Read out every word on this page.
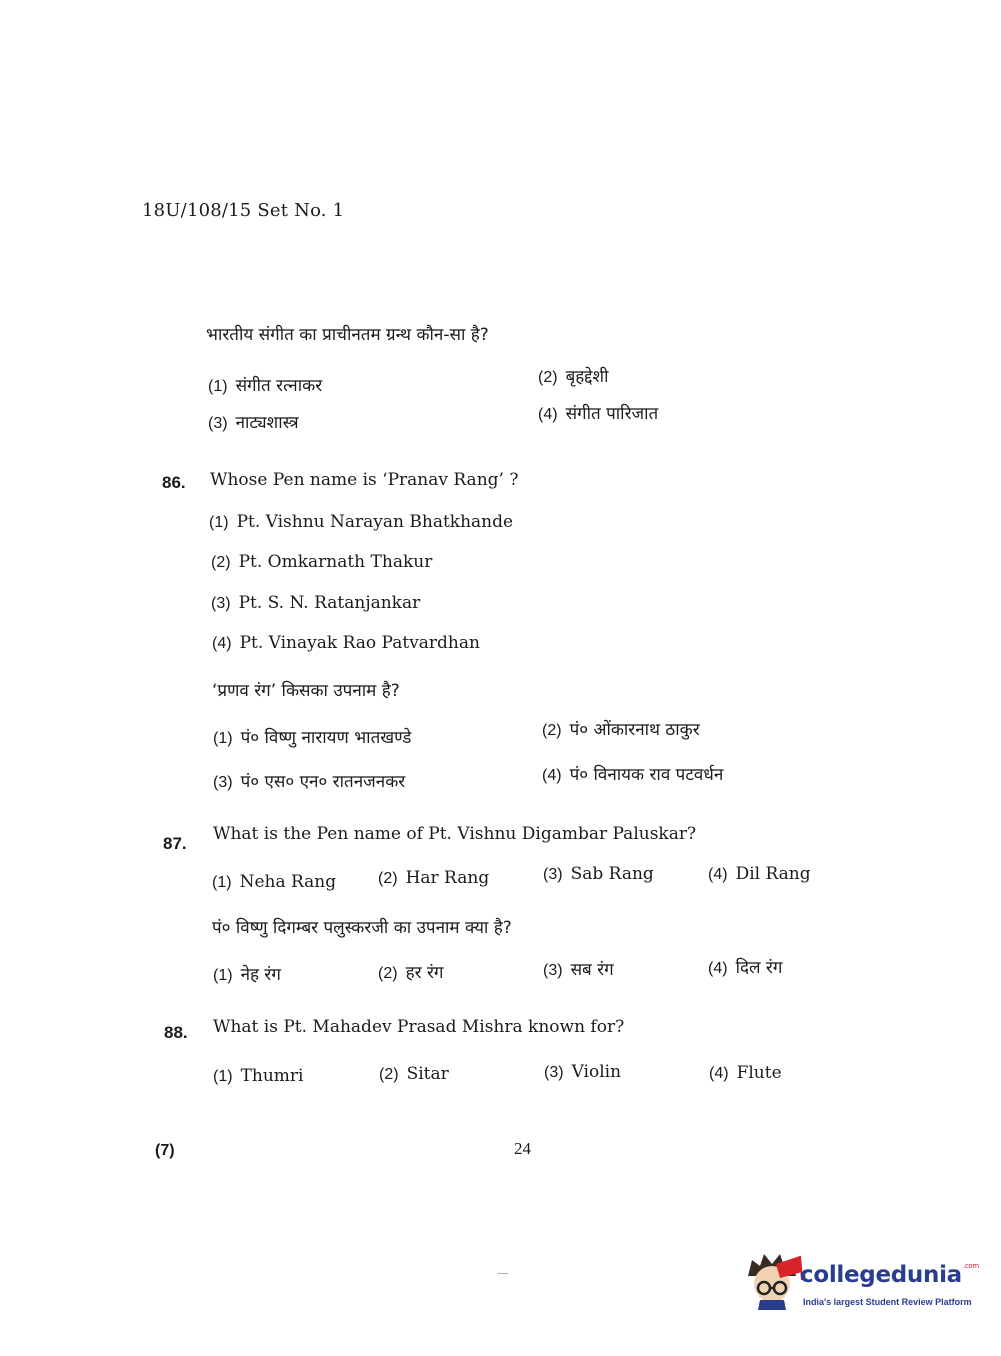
18U/108/15 Set No. 1
भारतीय संगीत का प्राचीनतम ग्रन्थ कौन-सा है?
(1) संगीत रत्नाकर	(2) बृहद्देशी
(3) नाट्यशास्त्र	(4) संगीत पारिजात
86. Whose Pen name is ‘Pranav Rang’ ?
(1) Pt. Vishnu Narayan Bhatkhande
(2) Pt. Omkarnath Thakur
(3) Pt. S. N. Ratanjankar
(4) Pt. Vinayak Rao Patvardhan
‘प्रणव रंग’ किसका उपनाम है?
(1) पं० विष्णु नारायण भातखण्डे	(2) पं० ओंकारनाथ ठाकुर
(3) पं० एस० एन० रातनजनकर	(4) पं० विनायक राव पटवर्धन
87. What is the Pen name of Pt. Vishnu Digambar Paluskar?
(1) Neha Rang	(2) Har Rang	(3) Sab Rang	(4) Dil Rang
पं० विष्णु दिगम्बर पलुस्करजी का उपनाम क्या है?
(1) नेह रंग	(2) हर रंग	(3) सब रंग	(4) दिल रंग
88. What is Pt. Mahadev Prasad Mishra known for?
(1) Thumri	(2) Sitar	(3) Violin	(4) Flute
(7)	24
collegedunia$^{.com}$
India's largest Student Review Platform
